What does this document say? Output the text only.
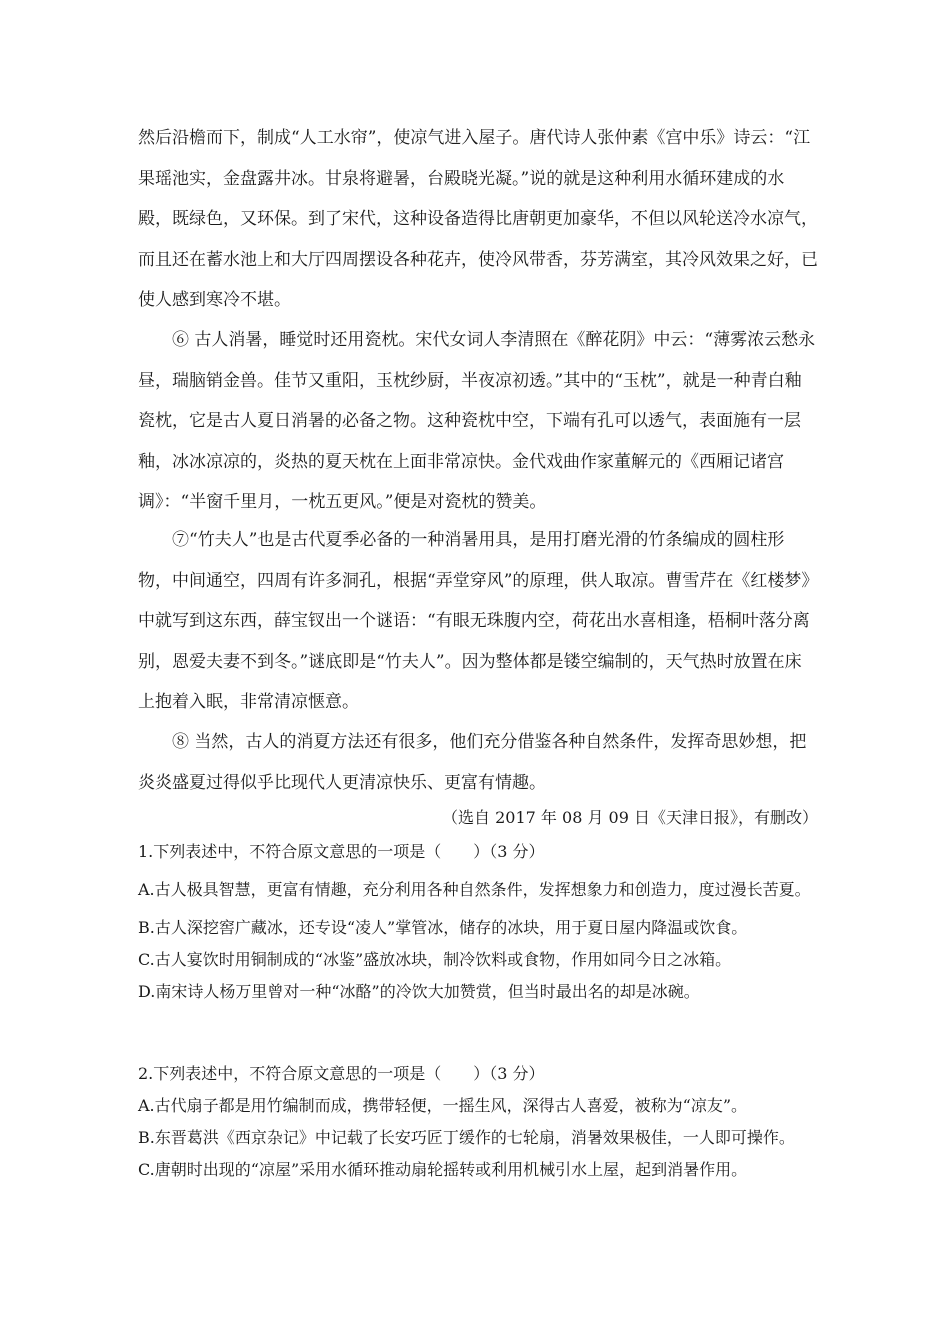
然后沿檐而下，制成“人工水帘”，使凉气进入屋子。唐代诗人张仲素《宫中乐》诗云：“江果瑶池实，金盘露井冰。甘泉将避暑，台殿晓光凝。”说的就是这种利用水循环建成的水殿，既绿色，又环保。到了宋代，这种设备造得比唐朝更加豪华，不但以风轮送冷水凉气，而且还在蓄水池上和大厅四周摆设各种花卉，使冷风带香，芬芳满室，其冷风效果之好，已使人感到寒冷不堪。

⑥ 古人消暑，睡觉时还用瓷枕。宋代女词人李清照在《醉花阴》中云：“薄雾浓云愁永昼，瑞脑销金兽。佳节又重阳，玉枕纱厨，半夜凉初透。”其中的“玉枕”，就是一种青白釉瓷枕，它是古人夏日消暑的必备之物。这种瓷枕中空，下端有孔可以透气，表面施有一层釉，冰冰凉凉的，炎热的夏天枕在上面非常凉快。金代戏曲作家董解元的《西厢记诸宫调》：“半窗千里月，一枕五更风。”便是对瓷枕的赞美。

⑦“竹夫人”也是古代夏季必备的一种消暑用具，是用打磨光滑的竹条编成的圆柱形物，中间通空，四周有许多洞孔，根据“弄堂穿风”的原理，供人取凉。曹雪芹在《红楼梦》中就写到这东西，薛宝钗出一个谜语：“有眼无珠腹内空，荷花出水喜相逢，梧桐叶落分离别，恩爱夫妻不到冬。”谜底即是“竹夫人”。因为整体都是镂空编制的，天气热时放置在床上抱着入眠，非常清凉惬意。

⑧ 当然，古人的消夏方法还有很多，他们充分借鉴各种自然条件，发挥奇思妙想，把炎炎盛夏过得似乎比现代人更清凉快乐、更富有情趣。

（选自 2017 年 08 月 09 日《天津日报》，有删改）

1.下列表述中，不符合原文意思的一项是（　　）（3 分）
A.古人极具智慧，更富有情趣，充分利用各种自然条件，发挥想象力和创造力，度过漫长苦夏。
B.古人深挖窖广藏冰，还专设“凌人”掌管冰，储存的冰块，用于夏日屋内降温或饮食。
C.古人宴饮时用铜制成的“冰鉴”盛放冰块，制冷饮料或食物，作用如同今日之冰箱。
D.南宋诗人杨万里曾对一种“冰酪”的冷饮大加赞赏，但当时最出名的却是冰碗。
2.下列表述中，不符合原文意思的一项是（　　）（3 分）
A.古代扇子都是用竹编制而成，携带轻便，一摇生风，深得古人喜爱，被称为“凉友”。
B.东晋葛洪《西京杂记》中记载了长安巧匠丁缓作的七轮扇，消暑效果极佳，一人即可操作。
C.唐朝时出现的“凉屋”采用水循环推动扇轮摇转或利用机械引水上屋，起到消暑作用。
